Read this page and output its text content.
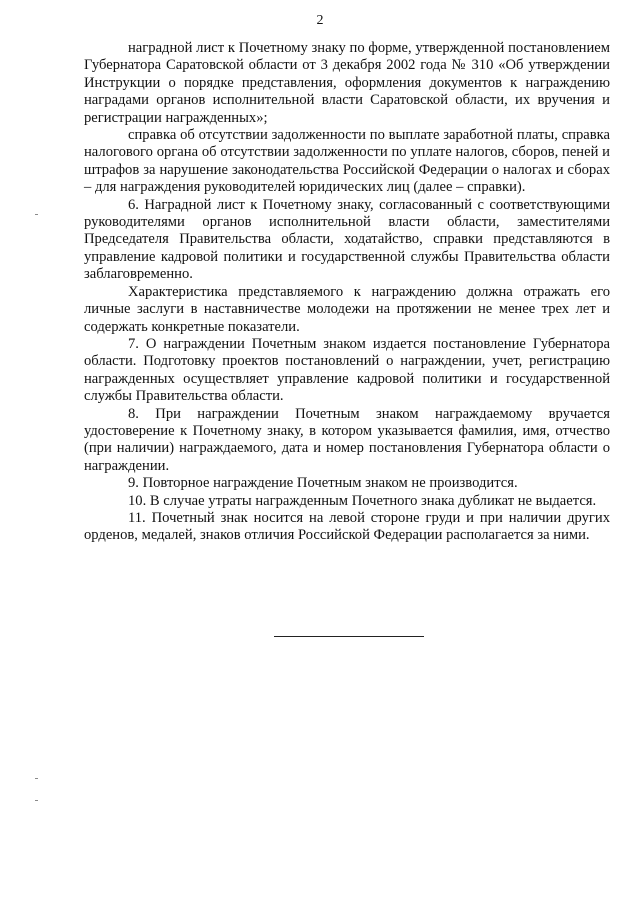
2

наградной лист к Почетному знаку по форме, утвержденной постановлением Губернатора Саратовской области от 3 декабря 2002 года № 310 «Об утверждении Инструкции о порядке представления, оформления документов к награждению наградами органов исполнительной власти Саратовской области, их вручения и регистрации награжденных»;

справка об отсутствии задолженности по выплате заработной платы, справка налогового органа об отсутствии задолженности по уплате налогов, сборов, пеней и штрафов за нарушение законодательства Российской Федерации о налогах и сборах – для награждения руководителей юридических лиц (далее – справки).

6. Наградной лист к Почетному знаку, согласованный с соответствующими руководителями органов исполнительной власти области, заместителями Председателя Правительства области, ходатайство, справки представляются в управление кадровой политики и государственной службы Правительства области заблаговременно.

Характеристика представляемого к награждению должна отражать его личные заслуги в наставничестве молодежи на протяжении не менее трех лет и содержать конкретные показатели.

7. О награждении Почетным знаком издается постановление Губернатора области. Подготовку проектов постановлений о награждении, учет, регистрацию награжденных осуществляет управление кадровой политики и государственной службы Правительства области.

8. При награждении Почетным знаком награждаемому вручается удостоверение к Почетному знаку, в котором указывается фамилия, имя, отчество (при наличии) награждаемого, дата и номер постановления Губернатора области о награждении.

9. Повторное награждение Почетным знаком не производится.

10. В случае утраты награжденным Почетного знака дубликат не выдается.

11. Почетный знак носится на левой стороне груди и при наличии других орденов, медалей, знаков отличия Российской Федерации располагается за ними.
